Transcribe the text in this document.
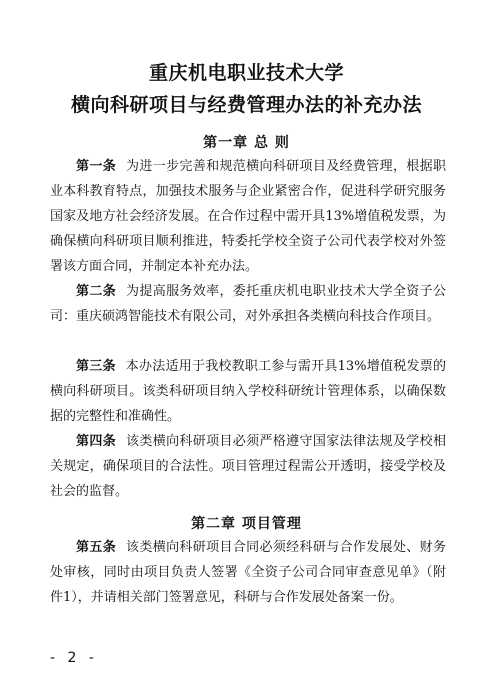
重庆机电职业技术大学
横向科研项目与经费管理办法的补充办法
第一章 总 则

第一条 为进一步完善和规范横向科研项目及经费管理，根据职业本科教育特点，加强技术服务与企业紧密合作，促进科学研究服务国家及地方社会经济发展。在合作过程中需开具13%增值税发票，为确保横向科研项目顺利推进，特委托学校全资子公司代表学校对外签署该方面合同，并制定本补充办法。

第二条 为提高服务效率，委托重庆机电职业技术大学全资子公司：重庆硕鸿智能技术有限公司，对外承担各类横向科技合作项目。

第三条 本办法适用于我校教职工参与需开具13%增值税发票的横向科研项目。该类科研项目纳入学校科研统计管理体系，以确保数据的完整性和准确性。

第四条 该类横向科研项目必须严格遵守国家法律法规及学校相关规定，确保项目的合法性。项目管理过程需公开透明，接受学校及社会的监督。

第二章 项目管理

第五条 该类横向科研项目合同必须经科研与合作发展处、财务处审核，同时由项目负责人签署《全资子公司合同审查意见单》（附件1），并请相关部门签署意见，科研与合作发展处备案一份。

- 2 -
